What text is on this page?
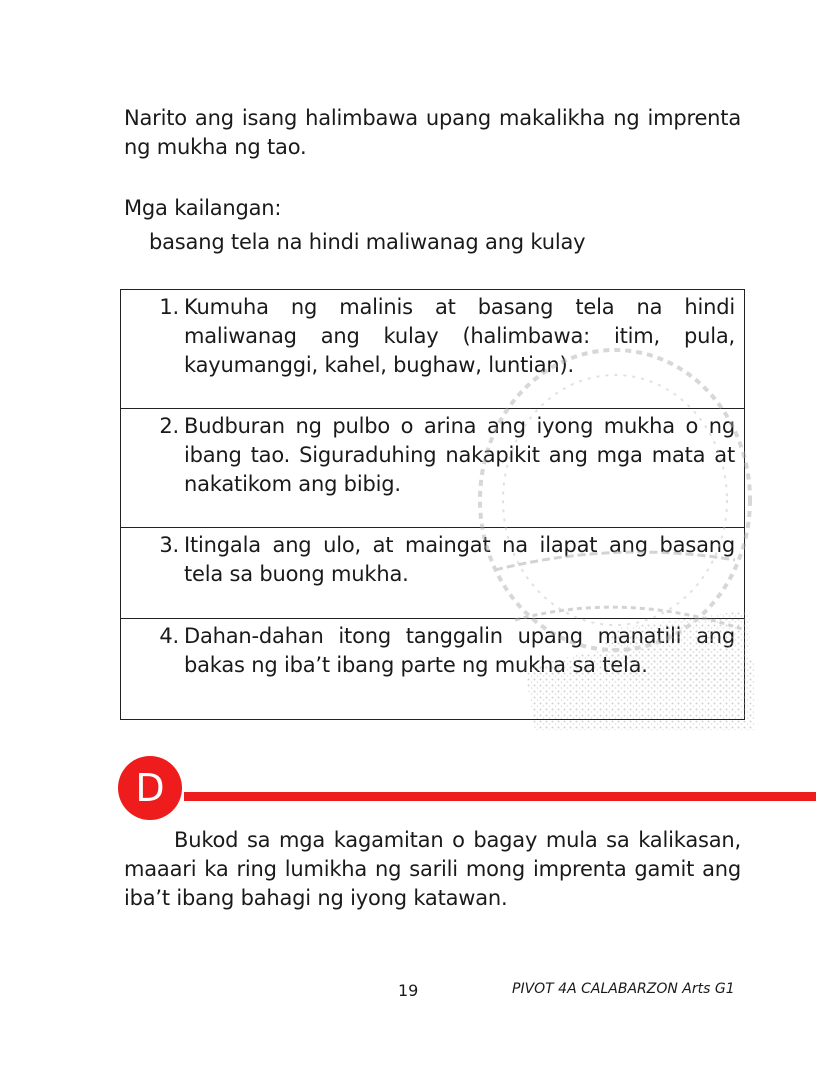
Narito ang isang halimbawa upang makalikha ng imprenta ng mukha ng tao.

Mga kailangan:

basang tela na hindi maliwanag ang kulay

1. Kumuha ng malinis at basang tela na hindi maliwanag ang kulay (halimbawa: itim, pula, kayumanggi, kahel, bughaw, luntian).

2. Budburan ng pulbo o arina ang iyong mukha o ng ibang tao. Siguraduhing nakapikit ang mga mata at nakatikom ang bibig.

3. Itingala ang ulo, at maingat na ilapat ang basang tela sa buong mukha.

4. Dahan-dahan itong tanggalin upang manatili ang bakas ng iba’t ibang parte ng mukha sa tela.
D

Bukod sa mga kagamitan o bagay mula sa kalikasan, maaari ka ring lumikha ng sarili mong imprenta gamit ang iba’t ibang bahagi ng iyong katawan.

19	PIVOT 4A CALABARZON Arts G1
